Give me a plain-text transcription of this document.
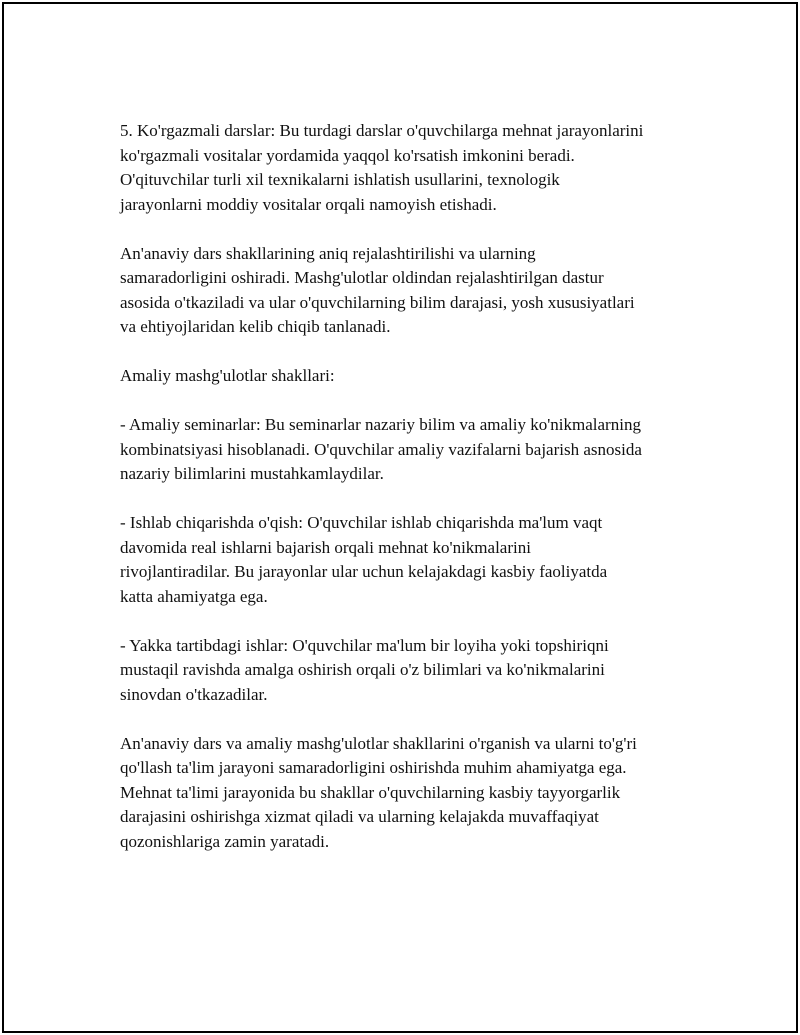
5. Ko'rgazmali darslar: Bu turdagi darslar o'quvchilarga mehnat jarayonlarini
ko'rgazmali vositalar yordamida yaqqol ko'rsatish imkonini beradi.
O'qituvchilar turli xil texnikalarni ishlatish usullarini, texnologik
jarayonlarni moddiy vositalar orqali namoyish etishadi.

An'anaviy dars shakllarining aniq rejalashtirilishi va ularning
samaradorligini oshiradi. Mashg'ulotlar oldindan rejalashtirilgan dastur
asosida o'tkaziladi va ular o'quvchilarning bilim darajasi, yosh xususiyatlari
va ehtiyojlaridan kelib chiqib tanlanadi.

Amaliy mashg'ulotlar shakllari:

- Amaliy seminarlar: Bu seminarlar nazariy bilim va amaliy ko'nikmalarning
kombinatsiyasi hisoblanadi. O'quvchilar amaliy vazifalarni bajarish asnosida
nazariy bilimlarini mustahkamlaydilar.

- Ishlab chiqarishda o'qish: O'quvchilar ishlab chiqarishda ma'lum vaqt
davomida real ishlarni bajarish orqali mehnat ko'nikmalarini
rivojlantiradilar. Bu jarayonlar ular uchun kelajakdagi kasbiy faoliyatda
katta ahamiyatga ega.

- Yakka tartibdagi ishlar: O'quvchilar ma'lum bir loyiha yoki topshiriqni
mustaqil ravishda amalga oshirish orqali o'z bilimlari va ko'nikmalarini
sinovdan o'tkazadilar.

An'anaviy dars va amaliy mashg'ulotlar shakllarini o'rganish va ularni to'g'ri
qo'llash ta'lim jarayoni samaradorligini oshirishda muhim ahamiyatga ega.
Mehnat ta'limi jarayonida bu shakllar o'quvchilarning kasbiy tayyorgarlik
darajasini oshirishga xizmat qiladi va ularning kelajakda muvaffaqiyat
qozonishlariga zamin yaratadi.
